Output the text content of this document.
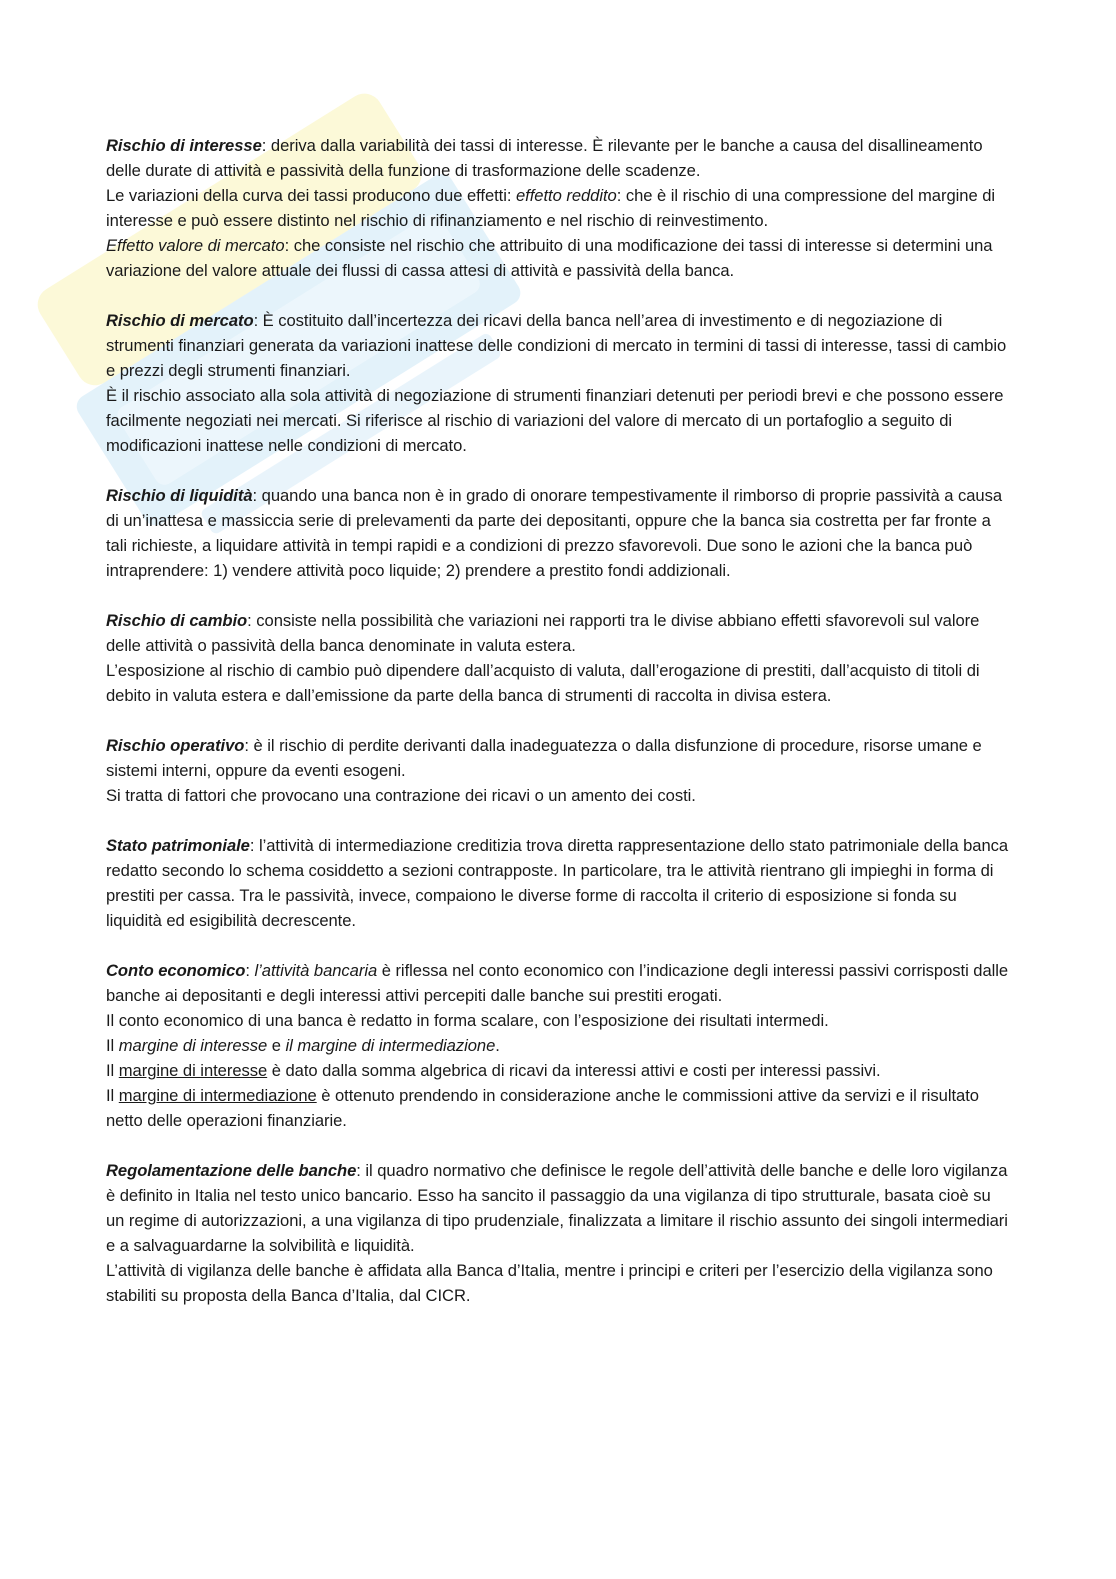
Rischio di interesse: deriva dalla variabilità dei tassi di interesse. È rilevante per le banche a causa del disallineamento delle durate di attività e passività della funzione di trasformazione delle scadenze.

Le variazioni della curva dei tassi producono due effetti: effetto reddito: che è il rischio di una compressione del margine di interesse e può essere distinto nel rischio di rifinanziamento e nel rischio di reinvestimento.

Effetto valore di mercato: che consiste nel rischio che attribuito di una modificazione dei tassi di interesse si determini una variazione del valore attuale dei flussi di cassa attesi di attività e passività della banca.

Rischio di mercato: È costituito dall’incertezza dei ricavi della banca nell’area di investimento e di negoziazione di strumenti finanziari generata da variazioni inattese delle condizioni di mercato in termini di tassi di interesse, tassi di cambio e prezzi degli strumenti finanziari.

È il rischio associato alla sola attività di negoziazione di strumenti finanziari detenuti per periodi brevi e che possono essere facilmente negoziati nei mercati. Si riferisce al rischio di variazioni del valore di mercato di un portafoglio a seguito di modificazioni inattese nelle condizioni di mercato.

Rischio di liquidità: quando una banca non è in grado di onorare tempestivamente il rimborso di proprie passività a causa di un’inattesa e massiccia serie di prelevamenti da parte dei depositanti, oppure che la banca sia costretta per far fronte a tali richieste, a liquidare attività in tempi rapidi e a condizioni di prezzo sfavorevoli. Due sono le azioni che la banca può intraprendere: 1) vendere attività poco liquide; 2) prendere a prestito fondi addizionali.

Rischio di cambio: consiste nella possibilità che variazioni nei rapporti tra le divise abbiano effetti sfavorevoli sul valore delle attività o passività della banca denominate in valuta estera.

L’esposizione al rischio di cambio può dipendere dall’acquisto di valuta, dall’erogazione di prestiti, dall’acquisto di titoli di debito in valuta estera e dall’emissione da parte della banca di strumenti di raccolta in divisa estera.

Rischio operativo: è il rischio di perdite derivanti dalla inadeguatezza o dalla disfunzione di procedure, risorse umane e sistemi interni, oppure da eventi esogeni.

Si tratta di fattori che provocano una contrazione dei ricavi o un amento dei costi.

Stato patrimoniale: l’attività di intermediazione creditizia trova diretta rappresentazione dello stato patrimoniale della banca redatto secondo lo schema cosiddetto a sezioni contrapposte. In particolare, tra le attività rientrano gli impieghi in forma di prestiti per cassa. Tra le passività, invece, compaiono le diverse forme di raccolta il criterio di esposizione si fonda su liquidità ed esigibilità decrescente.

Conto economico: l’attività bancaria è riflessa nel conto economico con l’indicazione degli interessi passivi corrisposti dalle banche ai depositanti e degli interessi attivi percepiti dalle banche sui prestiti erogati.

Il conto economico di una banca è redatto in forma scalare, con l’esposizione dei risultati intermedi.

Il margine di interesse e il margine di intermediazione.

Il margine di interesse è dato dalla somma algebrica di ricavi da interessi attivi e costi per interessi passivi.

Il margine di intermediazione è ottenuto prendendo in considerazione anche le commissioni attive da servizi e il risultato netto delle operazioni finanziarie.

Regolamentazione delle banche: il quadro normativo che definisce le regole dell’attività delle banche e delle loro vigilanza è definito in Italia nel testo unico bancario. Esso ha sancito il passaggio da una vigilanza di tipo strutturale, basata cioè su un regime di autorizzazioni, a una vigilanza di tipo prudenziale, finalizzata a limitare il rischio assunto dei singoli intermediari e a salvaguardarne la solvibilità e liquidità.

L’attività di vigilanza delle banche è affidata alla Banca d’Italia, mentre i principi e criteri per l’esercizio della vigilanza sono stabiliti su proposta della Banca d’Italia, dal CICR.
